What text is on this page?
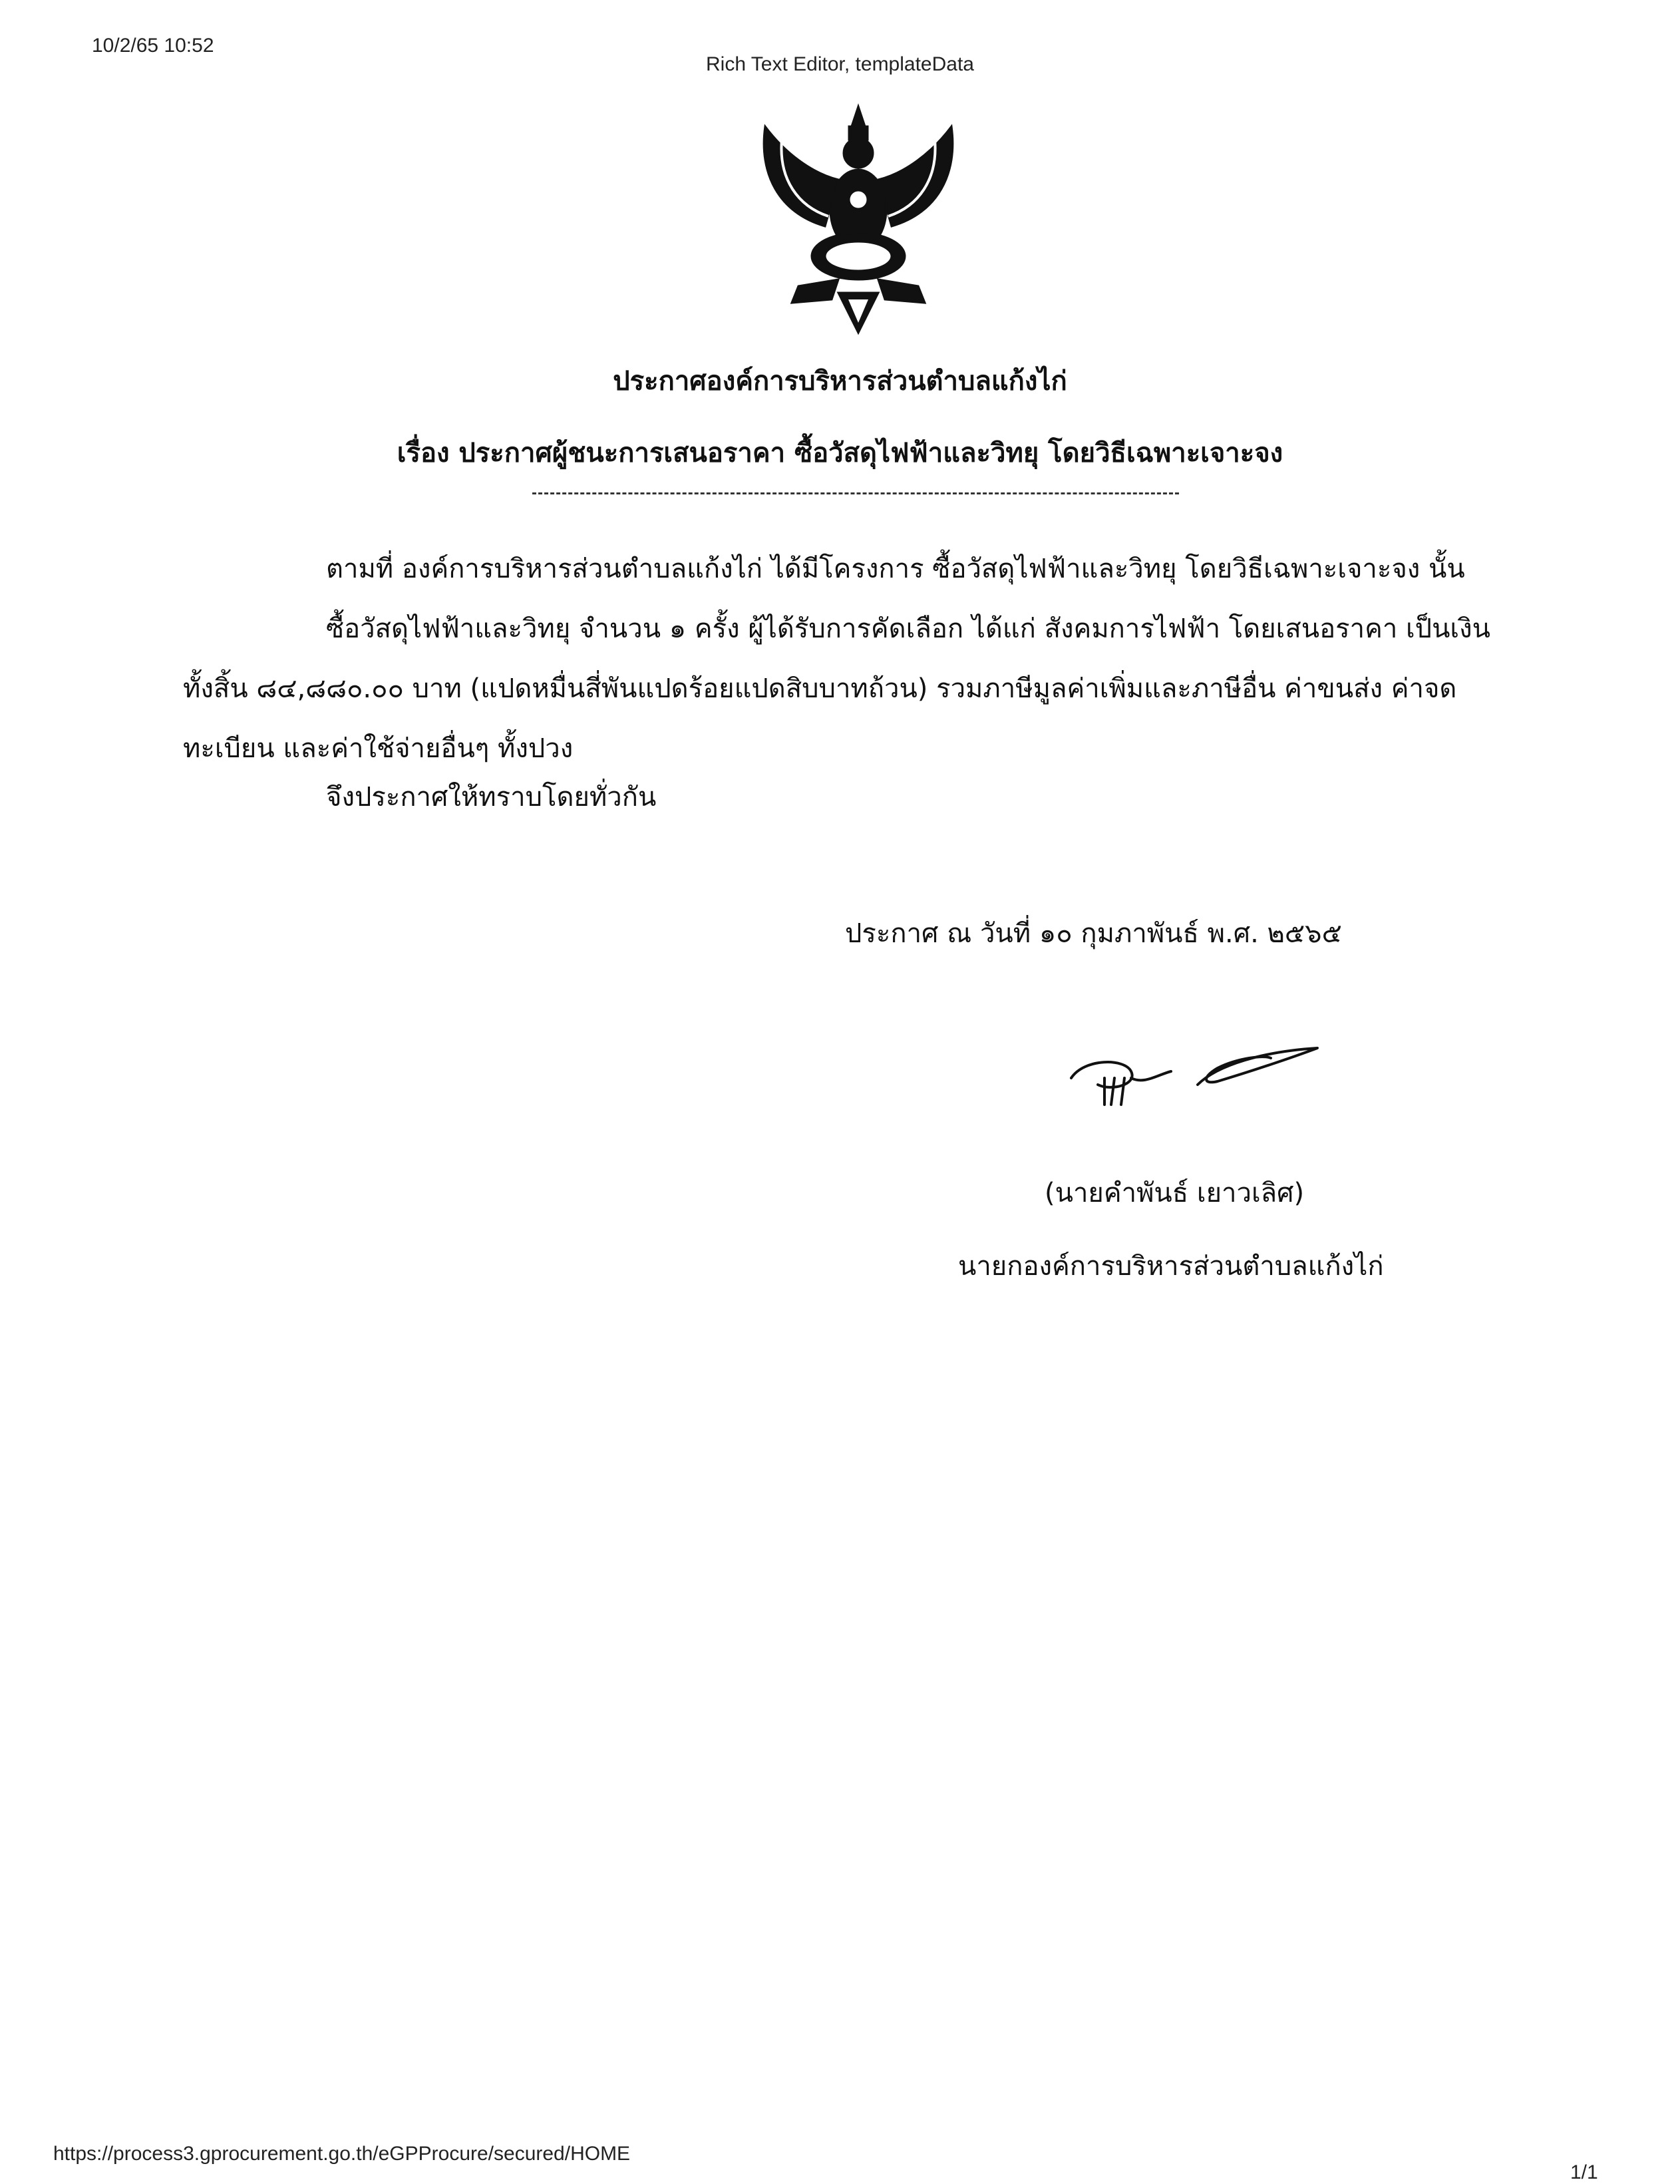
10/2/65 10:52
Rich Text Editor, templateData
ประกาศองค์การบริหารส่วนตำบลแก้งไก่
เรื่อง ประกาศผู้ชนะการเสนอราคา ซื้อวัสดุไฟฟ้าและวิทยุ โดยวิธีเฉพาะเจาะจง
ตามที่ องค์การบริหารส่วนตำบลแก้งไก่ ได้มีโครงการ ซื้อวัสดุไฟฟ้าและวิทยุ โดยวิธีเฉพาะเจาะจง นั้น
ซื้อวัสดุไฟฟ้าและวิทยุ จำนวน ๑ ครั้ง ผู้ได้รับการคัดเลือก ได้แก่ สังคมการไฟฟ้า โดยเสนอราคา เป็นเงิน
ทั้งสิ้น ๘๔,๘๘๐.๐๐ บาท (แปดหมื่นสี่พันแปดร้อยแปดสิบบาทถ้วน) รวมภาษีมูลค่าเพิ่มและภาษีอื่น ค่าขนส่ง ค่าจด
ทะเบียน และค่าใช้จ่ายอื่นๆ ทั้งปวง
จึงประกาศให้ทราบโดยทั่วกัน
ประกาศ ณ วันที่ ๑๐ กุมภาพันธ์ พ.ศ. ๒๕๖๕
(นายคำพันธ์ เยาวเลิศ)
นายกองค์การบริหารส่วนตำบลแก้งไก่
https://process3.gprocurement.go.th/eGPProcure/secured/HOME
1/1
